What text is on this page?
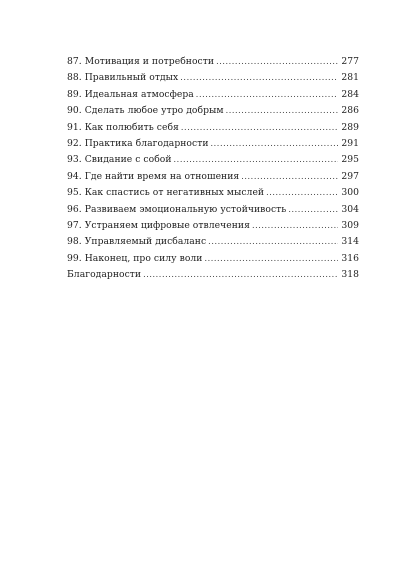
87. Мотивация и потребности .....	277
88. Правильный отдых .....	281
89. Идеальная атмосфера .....	284
90. Сделать любое утро добрым .....	286
91. Как полюбить себя .....	289
92. Практика благодарности .....	291
93. Свидание с собой .....	295
94. Где найти время на отношения .....	297
95. Как спастись от негативных мыслей .....	300
96. Развиваем эмоциональную устойчивость .....	304
97. Устраняем цифровые отвлечения .....	309
98. Управляемый дисбаланс .....	314
99. Наконец, про силу воли .....	316
Благодарности .....	318
